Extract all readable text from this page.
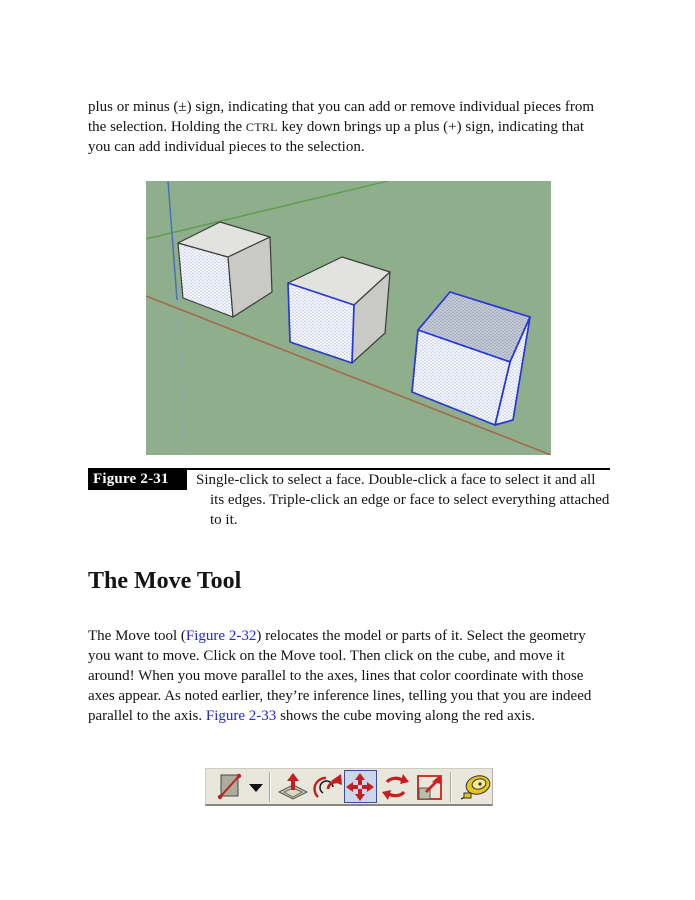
plus or minus (±) sign, indicating that you can add or remove individual pieces from the selection. Holding the CTRL key down brings up a plus (+) sign, indicating that you can add individual pieces to the selection.

Figure 2-31	Single-click to select a face. Double-click a face to select it and all its edges. Triple-click an edge or face to select everything attached to it.
The Move Tool

The Move tool (Figure 2-32) relocates the model or parts of it. Select the geometry you want to move. Click on the Move tool. Then click on the cube, and move it around! When you move parallel to the axes, lines that color coordinate with those axes appear. As noted earlier, they’re inference lines, telling you that you are indeed parallel to the axis. Figure 2-33 shows the cube moving along the red axis.
